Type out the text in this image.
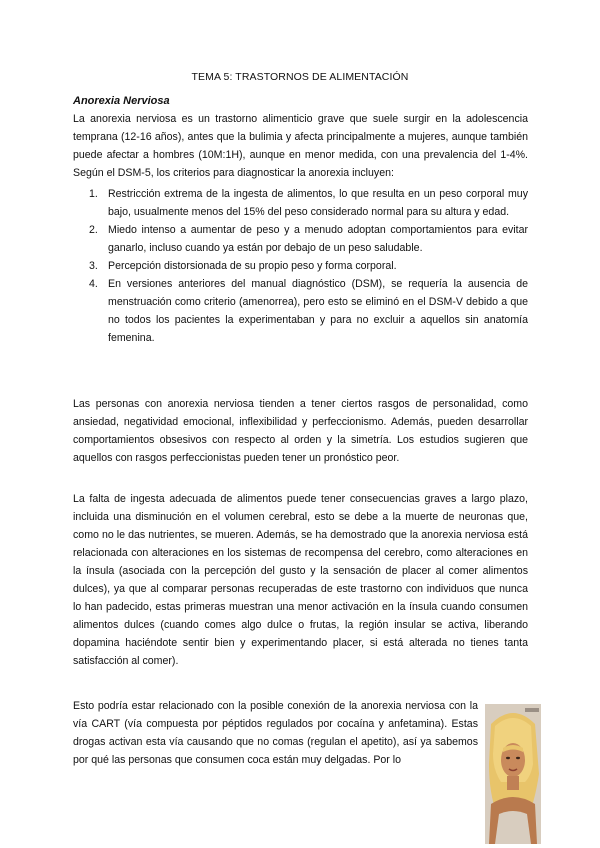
TEMA 5: TRASTORNOS DE ALIMENTACIÓN
Anorexia Nerviosa

La anorexia nerviosa es un trastorno alimenticio grave que suele surgir en la adolescencia temprana (12-16 años), antes que la bulimia y afecta principalmente a mujeres, aunque también puede afectar a hombres (10M:1H), aunque en menor medida, con una prevalencia del 1-4%. Según el DSM-5, los criterios para diagnosticar la anorexia incluyen:

1. Restricción extrema de la ingesta de alimentos, lo que resulta en un peso corporal muy bajo, usualmente menos del 15% del peso considerado normal para su altura y edad.
2. Miedo intenso a aumentar de peso y a menudo adoptan comportamientos para evitar ganarlo, incluso cuando ya están por debajo de un peso saludable.
3. Percepción distorsionada de su propio peso y forma corporal.
4. En versiones anteriores del manual diagnóstico (DSM), se requería la ausencia de menstruación como criterio (amenorrea), pero esto se eliminó en el DSM-V debido a que no todos los pacientes la experimentaban y para no excluir a aquellos sin anatomía femenina.

Las personas con anorexia nerviosa tienden a tener ciertos rasgos de personalidad, como ansiedad, negatividad emocional, inflexibilidad y perfeccionismo. Además, pueden desarrollar comportamientos obsesivos con respecto al orden y la simetría. Los estudios sugieren que aquellos con rasgos perfeccionistas pueden tener un pronóstico peor.

La falta de ingesta adecuada de alimentos puede tener consecuencias graves a largo plazo, incluida una disminución en el volumen cerebral, esto se debe a la muerte de neuronas que, como no le das nutrientes, se mueren. Además, se ha demostrado que la anorexia nerviosa está relacionada con alteraciones en los sistemas de recompensa del cerebro, como alteraciones en la ínsula (asociada con la percepción del gusto y la sensación de placer al comer alimentos dulces), ya que al comparar personas recuperadas de este trastorno con individuos que nunca lo han padecido, estas primeras muestran una menor activación en la ínsula cuando consumen alimentos dulces (cuando comes algo dulce o frutas, la región insular se activa, liberando dopamina haciéndote sentir bien y experimentando placer, si está alterada no tienes tanta satisfacción al comer).

Esto podría estar relacionado con la posible conexión de la anorexia nerviosa con la vía CART (vía compuesta por péptidos regulados por cocaína y anfetamina). Estas drogas activan esta vía causando que no comas (regulan el apetito), así ya sabemos por qué las personas que consumen coca están muy delgadas. Por lo
